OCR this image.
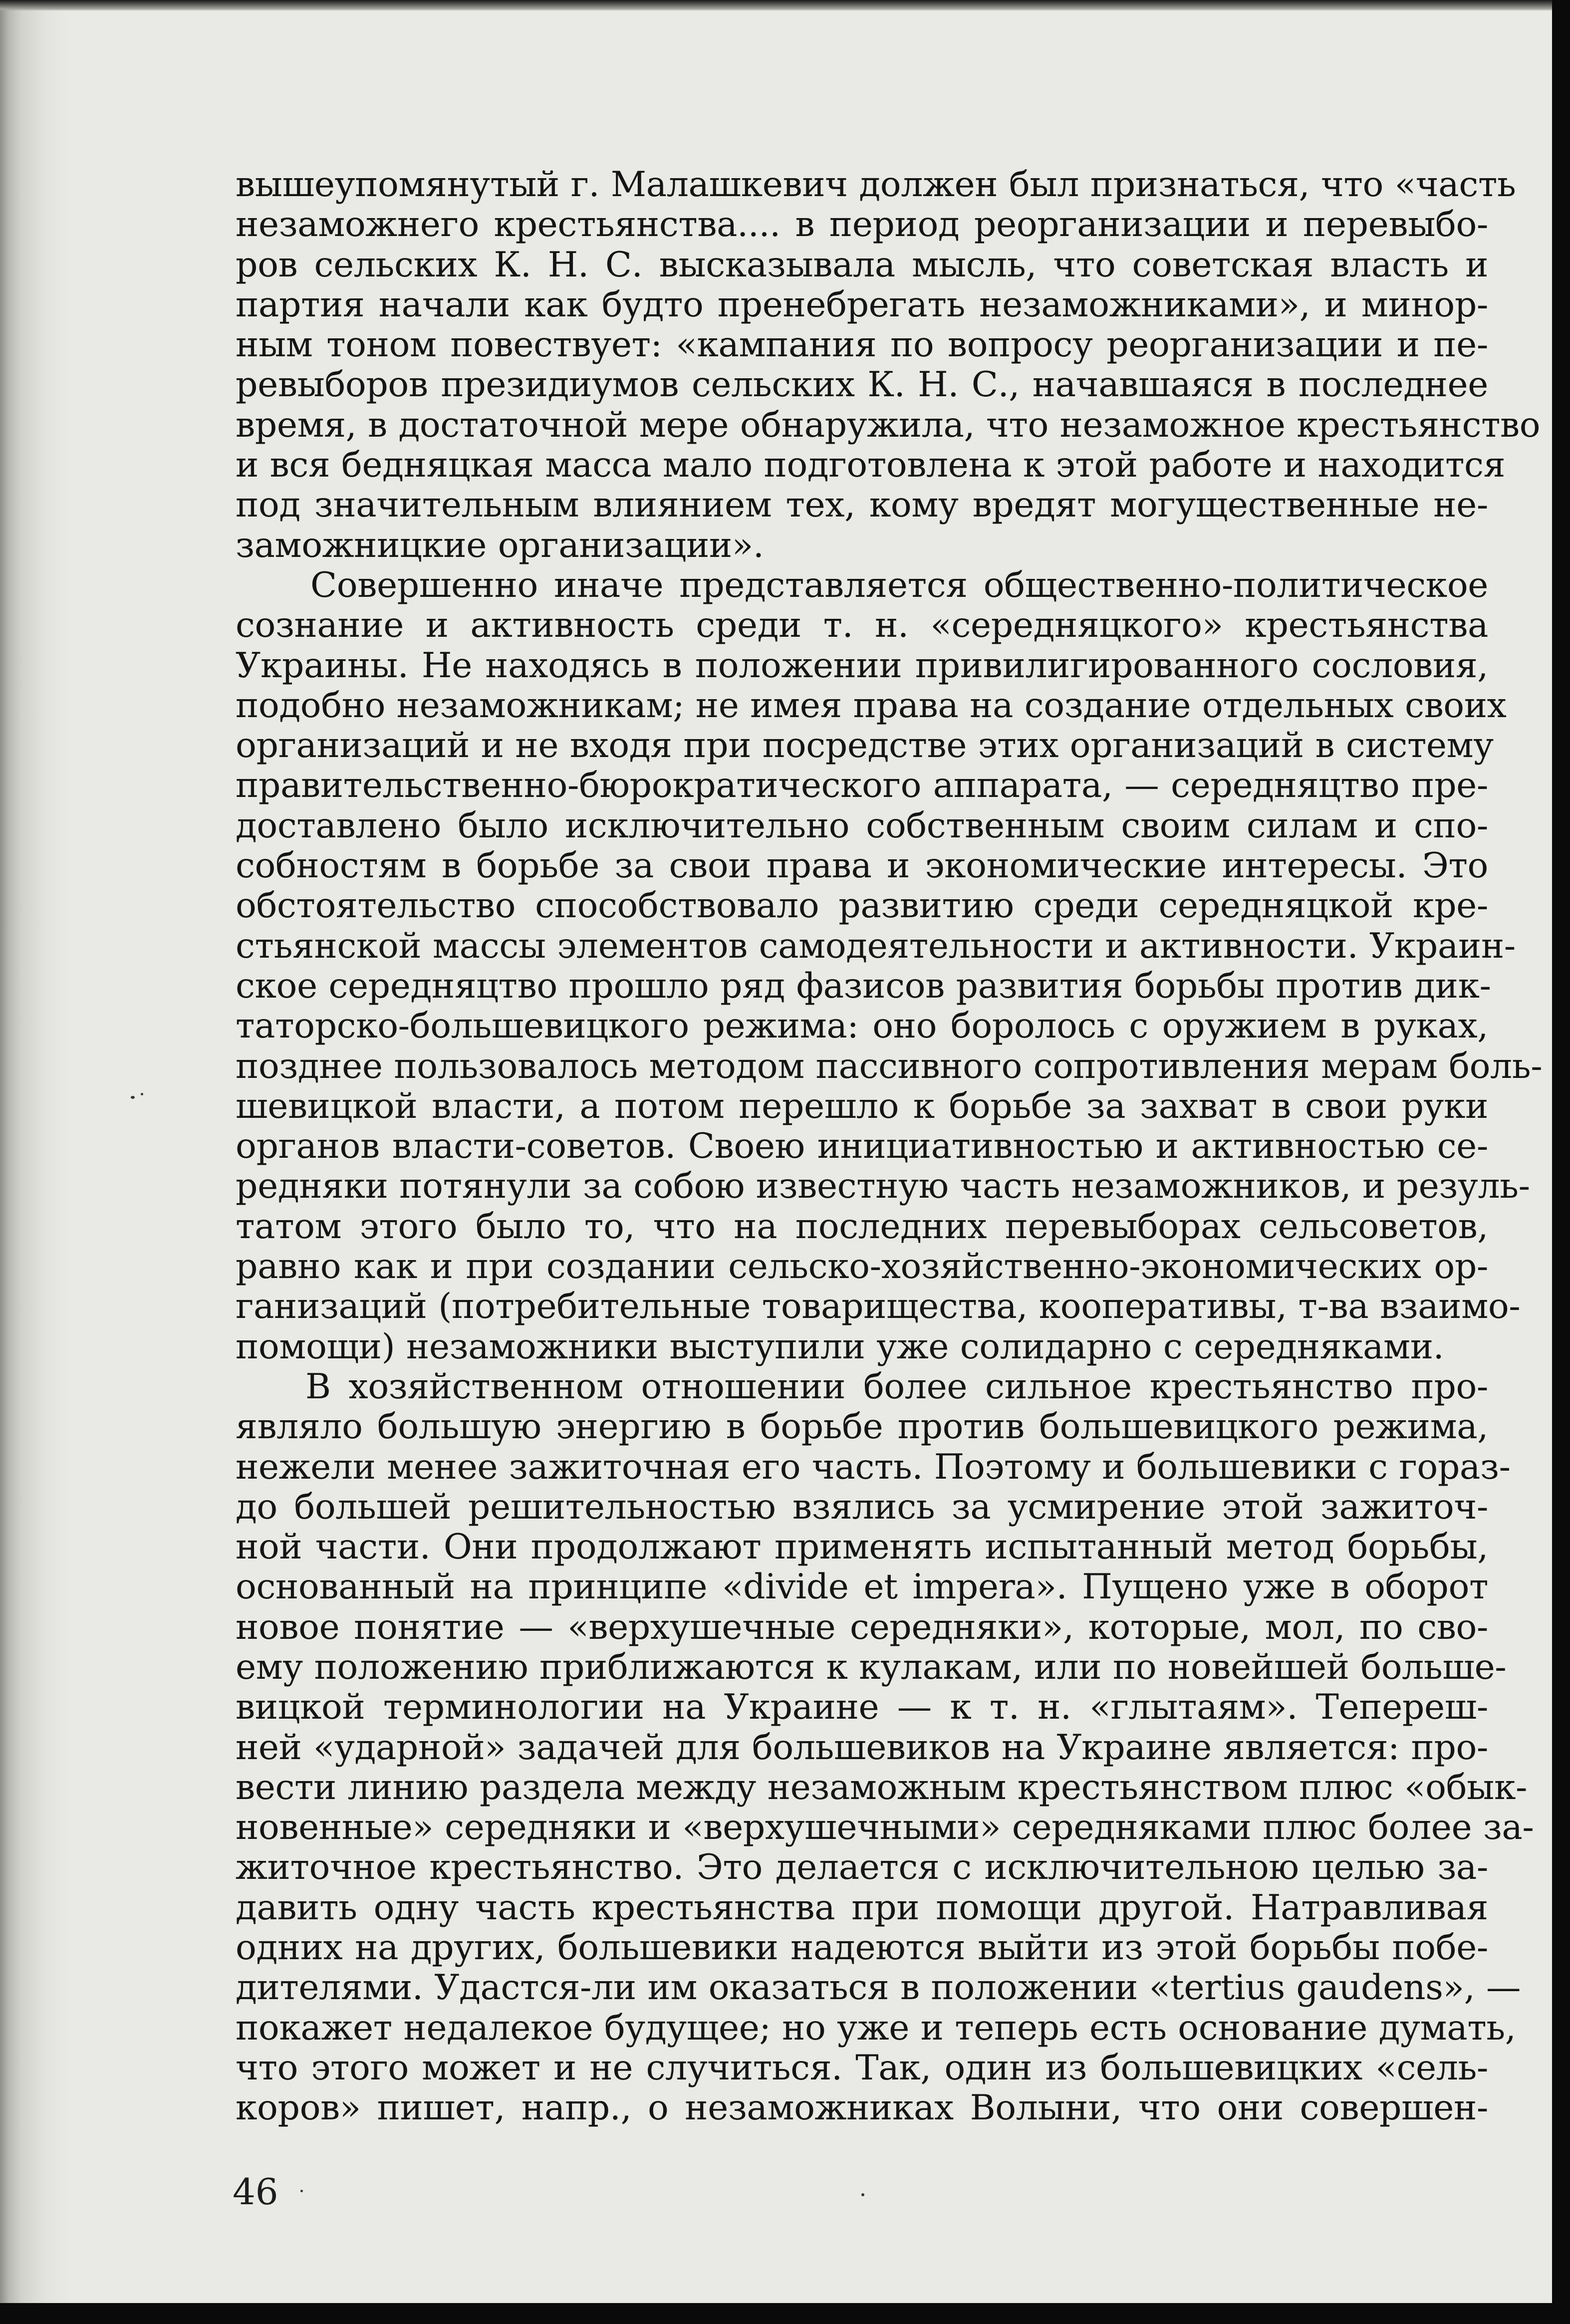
вышеупомянутый г. Малашкевич должен был признаться, что «часть
незаможнего крестьянства.... в период реорганизации и перевыбо-
ров сельских К. Н. С. высказывала мысль, что советская власть и
партия начали как будто пренебрегать незаможниками», и минор-
ным тоном повествует: «кампания по вопросу реорганизации и пе-
ревыборов президиумов сельских К. Н. С., начавшаяся в последнее
время, в достаточной мере обнаружила, что незаможное крестьянство
и вся бедняцкая масса мало подготовлена к этой работе и находится
под значительным влиянием тех, кому вредят могущественные не-
заможницкие организации».
Совершенно иначе представляется общественно-политическое
сознание и активность среди т. н. «середняцкого» крестьянства
Украины. Не находясь в положении привилигированного сословия,
подобно незаможникам; не имея права на создание отдельных своих
организаций и не входя при посредстве этих организаций в систему
правительственно-бюрократического аппарата, — середняцтво пре-
доставлено было исключительно собственным своим силам и спо-
собностям в борьбе за свои права и экономические интересы. Это
обстоятельство способствовало развитию среди середняцкой кре-
стьянской массы элементов самодеятельности и активности. Украин-
ское середняцтво прошло ряд фазисов развития борьбы против дик-
таторско-большевицкого режима: оно боролось с оружием в руках,
позднее пользовалось методом пассивного сопротивления мерам боль-
шевицкой власти, а потом перешло к борьбе за захват в свои руки
органов власти-советов. Своею инициативностью и активностью се-
редняки потянули за собою известную часть незаможников, и резуль-
татом этого было то, что на последних перевыборах сельсоветов,
равно как и при создании сельско-хозяйственно-экономических ор-
ганизаций (потребительные товарищества, кооперативы, т-ва взаимо-
помощи) незаможники выступили уже солидарно с середняками.
В хозяйственном отношении более сильное крестьянство про-
являло большую энергию в борьбе против большевицкого режима,
нежели менее зажиточная его часть. Поэтому и большевики с гораз-
до большей решительностью взялись за усмирение этой зажиточ-
ной части. Они продолжают применять испытанный метод борьбы,
основанный на принципе «divide et impera». Пущено уже в оборот
новое понятие — «верхушечные середняки», которые, мол, по сво-
ему положению приближаются к кулакам, или по новейшей больше-
вицкой терминологии на Украине — к т. н. «глытаям». Тепереш-
ней «ударной» задачей для большевиков на Украине является: про-
вести линию раздела между незаможным крестьянством плюс «обык-
новенные» середняки и «верхушечными» середняками плюс более за-
житочное крестьянство. Это делается с исключительною целью за-
давить одну часть крестьянства при помощи другой. Натравливая
одних на других, большевики надеются выйти из этой борьбы побе-
дителями. Удастся-ли им оказаться в положении «tertius gaudens», —
покажет недалекое будущее; но уже и теперь есть основание думать,
что этого может и не случиться. Так, один из большевицких «сель-
коров» пишет, напр., о незаможниках Волыни, что они совершен-
46
